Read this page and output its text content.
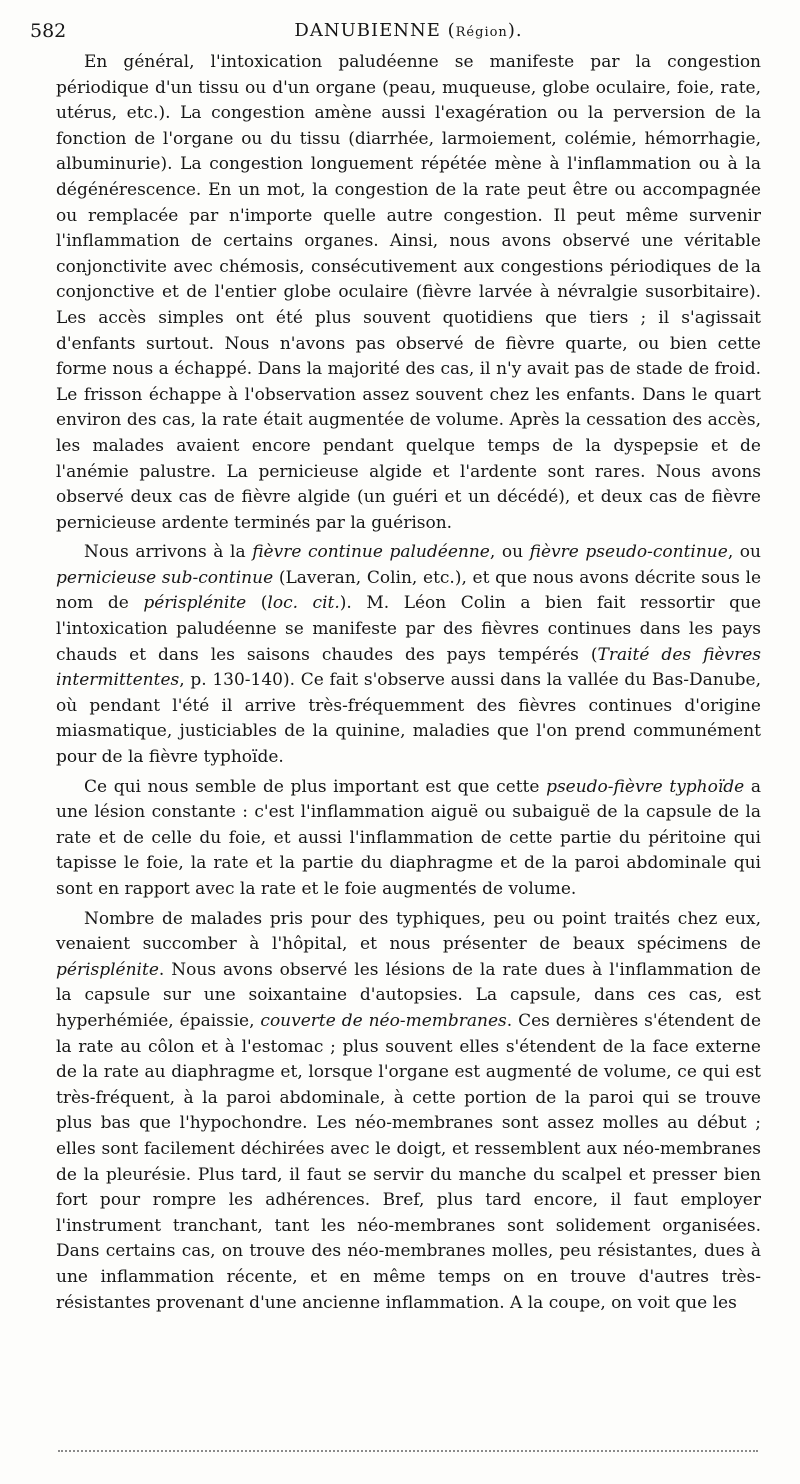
582	DANUBIENNE (Région).

En général, l'intoxication paludéenne se manifeste par la congestion périodique d'un tissu ou d'un organe (peau, muqueuse, globe oculaire, foie, rate, utérus, etc.). La congestion amène aussi l'exagération ou la perversion de la fonction de l'organe ou du tissu (diarrhée, larmoiement, colémie, hémorrhagie, albuminurie). La congestion longuement répétée mène à l'inflammation ou à la dégénérescence. En un mot, la congestion de la rate peut être ou accompagnée ou remplacée par n'importe quelle autre congestion. Il peut même survenir l'inflammation de certains organes. Ainsi, nous avons observé une véritable conjonctivite avec chémosis, consécutivement aux congestions périodiques de la conjonctive et de l'entier globe oculaire (fièvre larvée à névralgie susorbitaire). Les accès simples ont été plus souvent quotidiens que tiers ; il s'agissait d'enfants surtout. Nous n'avons pas observé de fièvre quarte, ou bien cette forme nous a échappé. Dans la majorité des cas, il n'y avait pas de stade de froid. Le frisson échappe à l'observation assez souvent chez les enfants. Dans le quart environ des cas, la rate était augmentée de volume. Après la cessation des accès, les malades avaient encore pendant quelque temps de la dyspepsie et de l'anémie palustre. La pernicieuse algide et l'ardente sont rares. Nous avons observé deux cas de fièvre algide (un guéri et un décédé), et deux cas de fièvre pernicieuse ardente terminés par la guérison.

Nous arrivons à la fièvre continue paludéenne, ou fièvre pseudo-continue, ou pernicieuse sub-continue (Laveran, Colin, etc.), et que nous avons décrite sous le nom de périsplénite (loc. cit.). M. Léon Colin a bien fait ressortir que l'intoxication paludéenne se manifeste par des fièvres continues dans les pays chauds et dans les saisons chaudes des pays tempérés (Traité des fièvres intermittentes, p. 130-140). Ce fait s'observe aussi dans la vallée du Bas-Danube, où pendant l'été il arrive très-fréquemment des fièvres continues d'origine miasmatique, justiciables de la quinine, maladies que l'on prend communément pour de la fièvre typhoïde.

Ce qui nous semble de plus important est que cette pseudo-fièvre typhoïde a une lésion constante : c'est l'inflammation aiguë ou subaiguë de la capsule de la rate et de celle du foie, et aussi l'inflammation de cette partie du péritoine qui tapisse le foie, la rate et la partie du diaphragme et de la paroi abdominale qui sont en rapport avec la rate et le foie augmentés de volume.

Nombre de malades pris pour des typhiques, peu ou point traités chez eux, venaient succomber à l'hôpital, et nous présenter de beaux spécimens de périsplénite. Nous avons observé les lésions de la rate dues à l'inflammation de la capsule sur une soixantaine d'autopsies. La capsule, dans ces cas, est hyperhémiée, épaissie, couverte de néo-membranes. Ces dernières s'étendent de la rate au côlon et à l'estomac ; plus souvent elles s'étendent de la face externe de la rate au diaphragme et, lorsque l'organe est augmenté de volume, ce qui est très-fréquent, à la paroi abdominale, à cette portion de la paroi qui se trouve plus bas que l'hypochondre. Les néo-membranes sont assez molles au début ; elles sont facilement déchirées avec le doigt, et ressemblent aux néo-membranes de la pleurésie. Plus tard, il faut se servir du manche du scalpel et presser bien fort pour rompre les adhérences. Bref, plus tard encore, il faut employer l'instrument tranchant, tant les néo-membranes sont solidement organisées. Dans certains cas, on trouve des néo-membranes molles, peu résistantes, dues à une inflammation récente, et en même temps on en trouve d'autres très-résistantes provenant d'une ancienne inflammation. A la coupe, on voit que les
